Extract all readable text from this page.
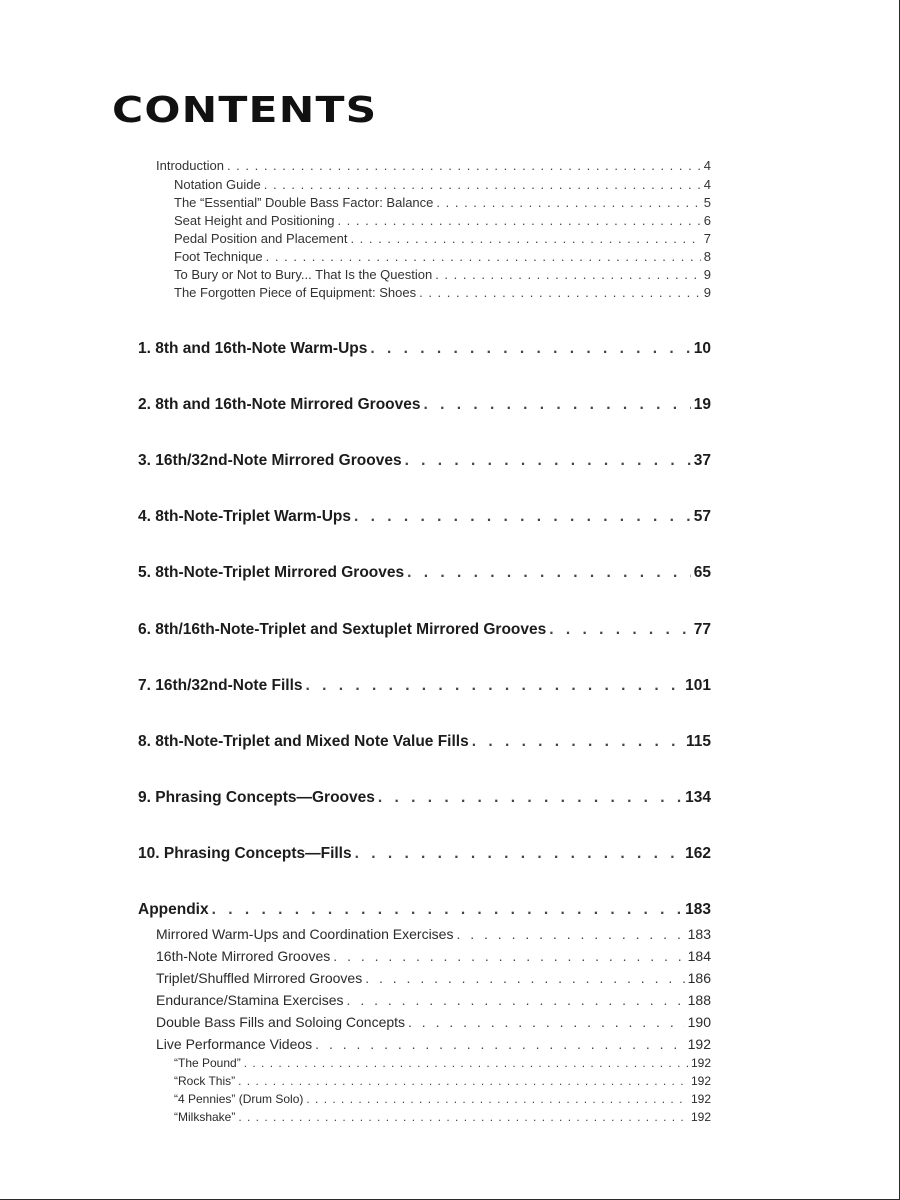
CONTENTS
Introduction . . .	4
Notation Guide . . .	4
The “Essential” Double Bass Factor: Balance . . .	5
Seat Height and Positioning . . .	6
Pedal Position and Placement . . .	7
Foot Technique . . .	8
To Bury or Not to Bury... That Is the Question . . .	9
The Forgotten Piece of Equipment: Shoes . . .	9
1. 8th and 16th-Note Warm-Ups . . .	10
2. 8th and 16th-Note Mirrored Grooves . . .	19
3. 16th/32nd-Note Mirrored Grooves . . .	37
4. 8th-Note-Triplet Warm-Ups . . .	57
5. 8th-Note-Triplet Mirrored Grooves . . .	65
6. 8th/16th-Note-Triplet and Sextuplet Mirrored Grooves . . .	77
7. 16th/32nd-Note Fills . . .	101
8. 8th-Note-Triplet and Mixed Note Value Fills . . .	115
9. Phrasing Concepts—Grooves . . .	134
10. Phrasing Concepts—Fills . . .	162
Appendix . . .	183
Mirrored Warm-Ups and Coordination Exercises . . .	183
16th-Note Mirrored Grooves . . .	184
Triplet/Shuffled Mirrored Grooves . . .	186
Endurance/Stamina Exercises . . .	188
Double Bass Fills and Soloing Concepts . . .	190
Live Performance Videos . . .	192
“The Pound” . . .	192
“Rock This” . . .	192
“4 Pennies” (Drum Solo) . . .	192
“Milkshake” . . .	192
